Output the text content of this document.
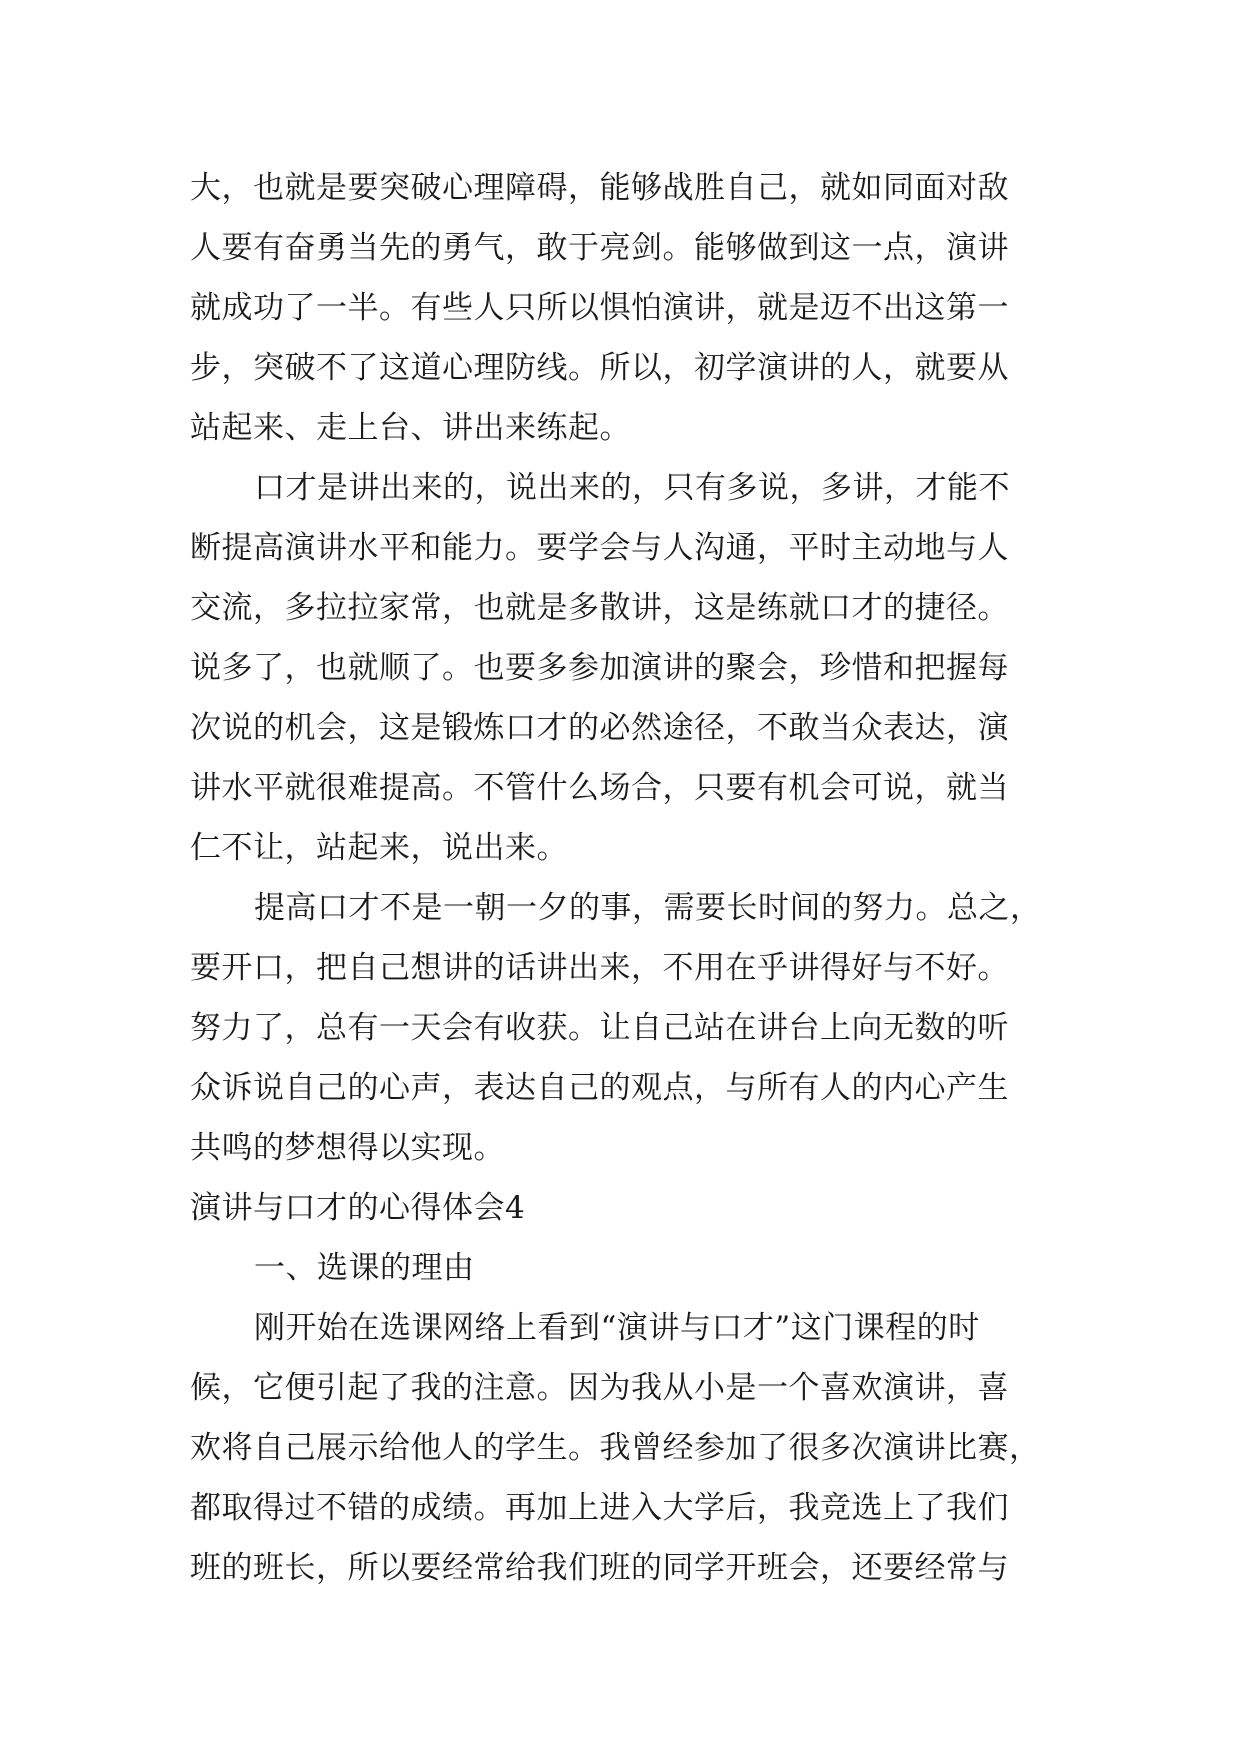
大，也就是要突破心理障碍，能够战胜自己，就如同面对敌
人要有奋勇当先的勇气，敢于亮剑。能够做到这一点，演讲
就成功了一半。有些人只所以惧怕演讲，就是迈不出这第一
步，突破不了这道心理防线。所以，初学演讲的人，就要从
站起来、走上台、讲出来练起。
口才是讲出来的，说出来的，只有多说，多讲，才能不
断提高演讲水平和能力。要学会与人沟通，平时主动地与人
交流，多拉拉家常，也就是多散讲，这是练就口才的捷径。
说多了，也就顺了。也要多参加演讲的聚会，珍惜和把握每
次说的机会，这是锻炼口才的必然途径，不敢当众表达，演
讲水平就很难提高。不管什么场合，只要有机会可说，就当
仁不让，站起来，说出来。
提高口才不是一朝一夕的事，需要长时间的努力。总之，
要开口，把自己想讲的话讲出来，不用在乎讲得好与不好。
努力了，总有一天会有收获。让自己站在讲台上向无数的听
众诉说自己的心声，表达自己的观点，与所有人的内心产生
共鸣的梦想得以实现。
演讲与口才的心得体会4
一、选课的理由
刚开始在选课网络上看到“演讲与口才”这门课程的时
候，它便引起了我的注意。因为我从小是一个喜欢演讲，喜
欢将自己展示给他人的学生。我曾经参加了很多次演讲比赛，
都取得过不错的成绩。再加上进入大学后，我竞选上了我们
班的班长，所以要经常给我们班的同学开班会，还要经常与
